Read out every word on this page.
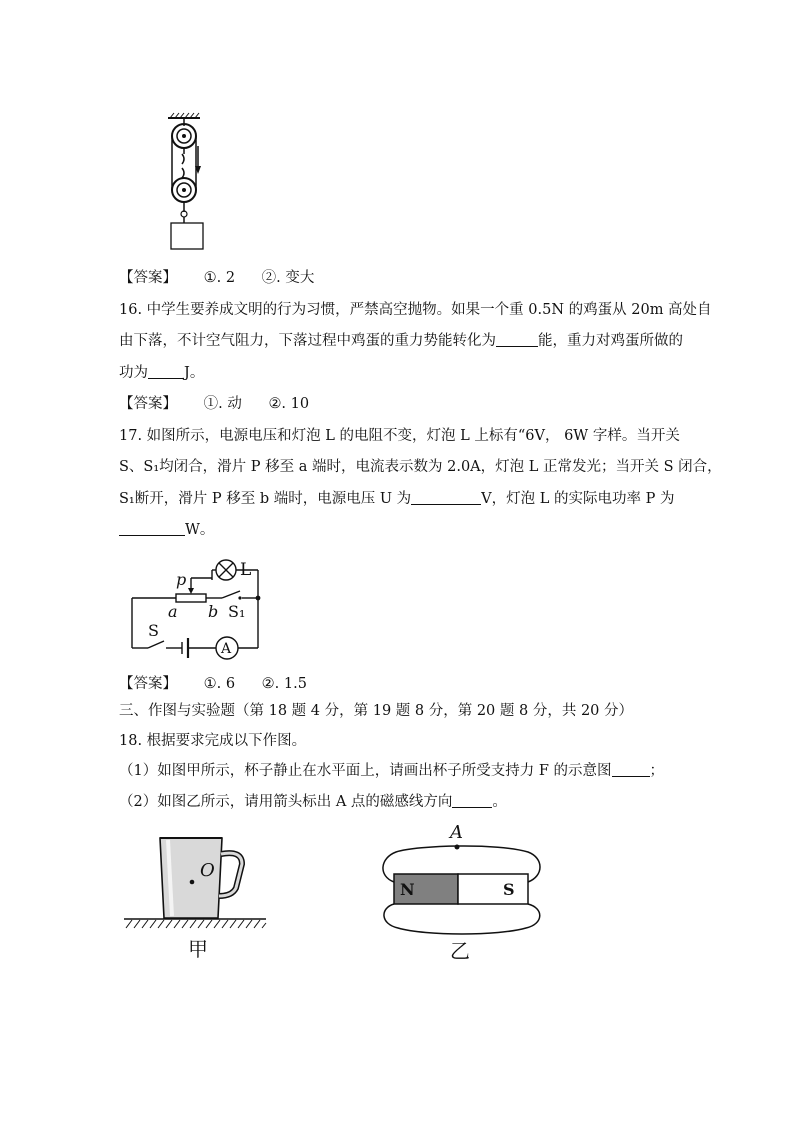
【答案】 ①. 2 ②. 变大
16. 中学生要养成文明的行为习惯，严禁高空抛物。如果一个重 0.5N 的鸡蛋从 20m 高处自
由下落，不计空气阻力，下落过程中鸡蛋的重力势能转化为	能，重力对鸡蛋所做的
功为 J。
【答案】 ①. 动 ②. 10
17. 如图所示，电源电压和灯泡 L 的电阻不变，灯泡 L 上标有“6V， 6W 字样。当开关
S、S₁均闭合，滑片 P 移至 a 端时，电流表示数为 2.0A，灯泡 L 正常发光；当开关 S 闭合，
S₁断开，滑片 P 移至 b 端时，电源电压 U 为	V，灯泡 L 的实际电功率 P 为
W。
p	L
a b S₁
S
A
【答案】 ①. 6 ②. 1.5
三、作图与实验题（第 18 题 4 分，第 19 题 8 分，第 20 题 8 分，共 20 分）
18. 根据要求完成以下作图。
（1）如图甲所示，杯子静止在水平面上，请画出杯子所受支持力 F 的示意图	；
（2）如图乙所示，请用箭头标出 A 点的磁感线方向	。
O
甲
N	S
A
乙
